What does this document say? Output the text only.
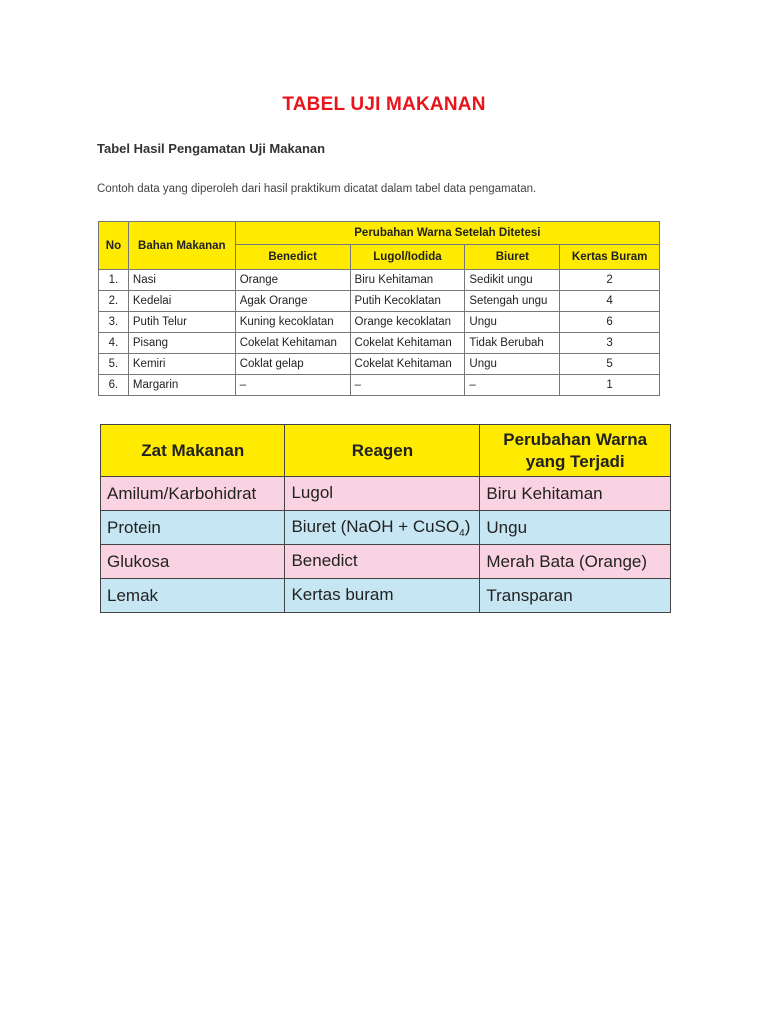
TABEL UJI MAKANAN
Tabel Hasil Pengamatan Uji Makanan
Contoh data yang diperoleh dari hasil praktikum dicatat dalam tabel data pengamatan.
No	Bahan Makanan	Perubahan Warna Setelah Ditetesi			
		Benedict	Lugol/Iodida	Biuret	Kertas Buram
1.	Nasi	Orange	Biru Kehitaman	Sedikit ungu	2
2.	Kedelai	Agak Orange	Putih Kecoklatan	Setengah ungu	4
3.	Putih Telur	Kuning kecoklatan	Orange kecoklatan	Ungu	6
4.	Pisang	Cokelat Kehitaman	Cokelat Kehitaman	Tidak Berubah	3
5.	Kemiri	Coklat gelap	Cokelat Kehitaman	Ungu	5
6.	Margarin	–	–	–	1
Zat Makanan	Reagen	Perubahan Warna yang Terjadi
Amilum/Karbohidrat	Lugol	Biru Kehitaman
Protein	Biuret (NaOH + CuSO$_4$)	Ungu
Glukosa	Benedict	Merah Bata (Orange)
Lemak	Kertas buram	Transparan
